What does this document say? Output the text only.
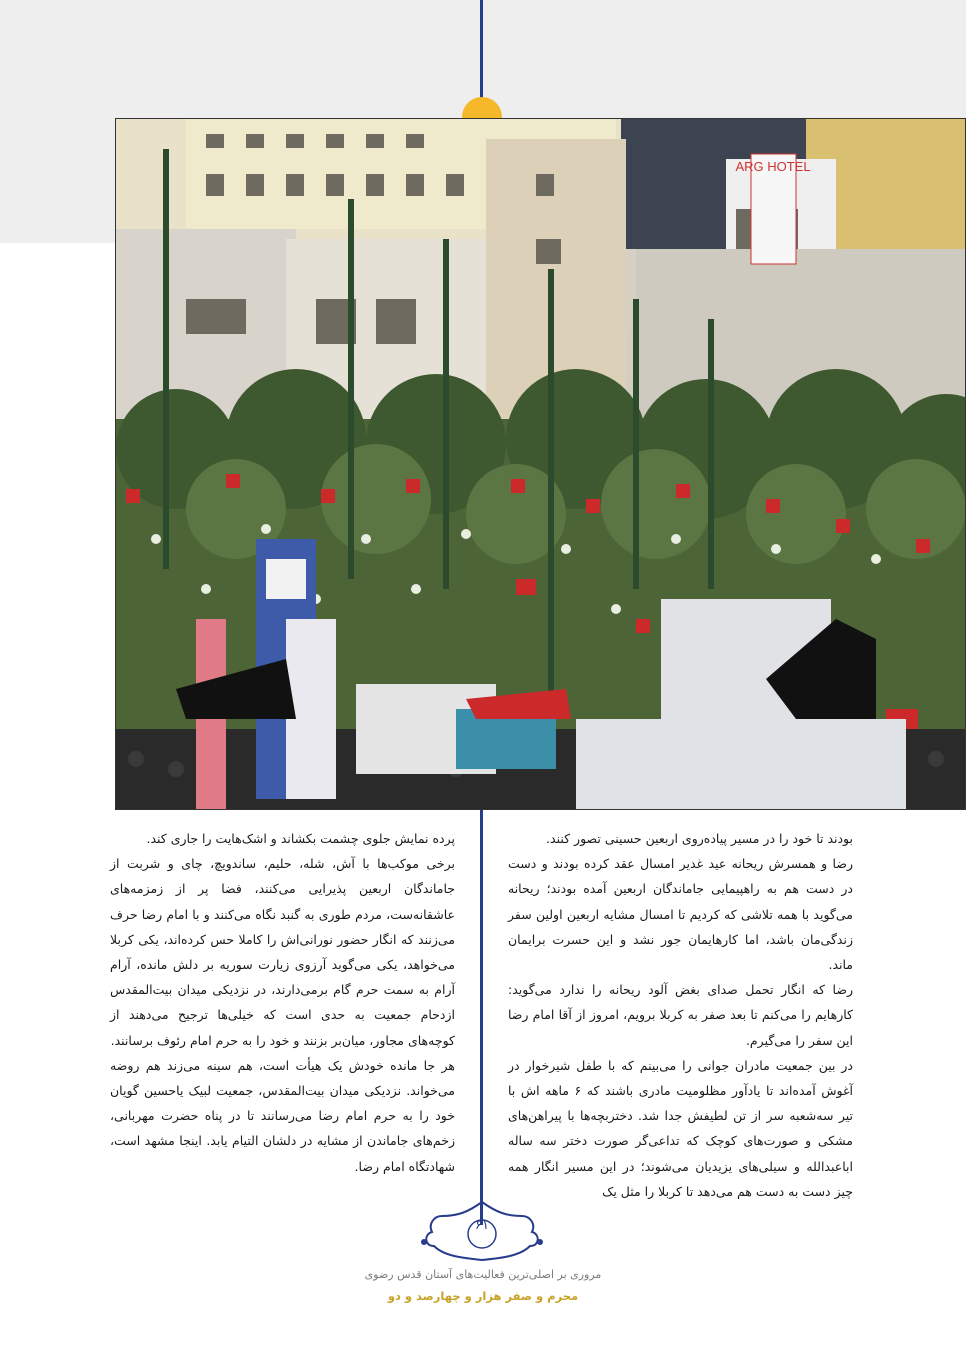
ARG HOTEL

بودند تا خود را در مسیر پیاده‌روی اربعین حسینی تصور کنند.

رضا و همسرش ریحانه عید غدیر امسال عقد کرده بودند و دست در دست هم به راهپیمایی جاماندگان اربعین آمده بودند؛ ریحانه می‌گوید با همه تلاشی که کردیم تا امسال مشایه اربعین اولین سفر زندگی‌مان باشد، اما کارهایمان جور نشد و این حسرت برایمان ماند.

رضا که انگار تحمل صدای بغض آلود ریحانه را ندارد می‌گوید: کارهایم را می‌کنم تا بعد صفر به کربلا برویم، امروز از آقا امام رضا این سفر را می‌گیرم.

در بین جمعیت مادران جوانی را می‌بینم که با طفل شیرخوار در آغوش آمده‌اند تا یادآور مظلومیت مادری باشند که ۶ ماهه اش با تیر سه‌شعبه سر از تن لطیفش جدا شد. دختربچه‌ها با پیراهن‌های مشکی و صورت‌های کوچک که تداعی‌گر صورت دختر سه ساله اباعبدالله و سیلی‌های یزیدیان می‌شوند؛ در این مسیر انگار همه چیز دست به دست هم می‌دهد تا کربلا را مثل یک

پرده نمایش جلوی چشمت بکشاند و اشک‌هایت را جاری کند.

برخی موکب‌ها با آش، شله، حلیم، ساندویچ، چای و شربت از جاماندگان اربعین پذیرایی می‌کنند، فضا پر از زمزمه‌های عاشقانه‌ست، مردم طوری به گنبد نگاه می‌کنند و با امام رضا حرف می‌زنند که انگار حضور نورانی‌اش را کاملا حس کرده‌اند، یکی کربلا می‌خواهد، یکی می‌گوید آرزوی زیارت سوریه بر دلش مانده، آرام آرام به سمت حرم گام برمی‌دارند، در نزدیکی میدان بیت‌المقدس ازدحام جمعیت به حدی است که خیلی‌ها ترجیح می‌دهند از کوچه‌های مجاور، میان‌بر بزنند و خود را به حرم امام رئوف برسانند.

هر جا مانده خودش یک هیأت است، هم سینه می‌زند هم روضه می‌خواند. نزدیکی میدان بیت‌المقدس، جمعیت لبیک یاحسین گویان خود را به حرم امام رضا می‌رسانند تا در پناه حضرت مهربانی، زخم‌های جاماندن از مشایه در دلشان التیام یابد. اینجا مشهد است، شهادتگاه امام رضا.

۶۱
مروری بر اصلی‌ترین فعالیت‌های آستان قدس رضوی
محرم و صفر هزار و چهارصد و دو
